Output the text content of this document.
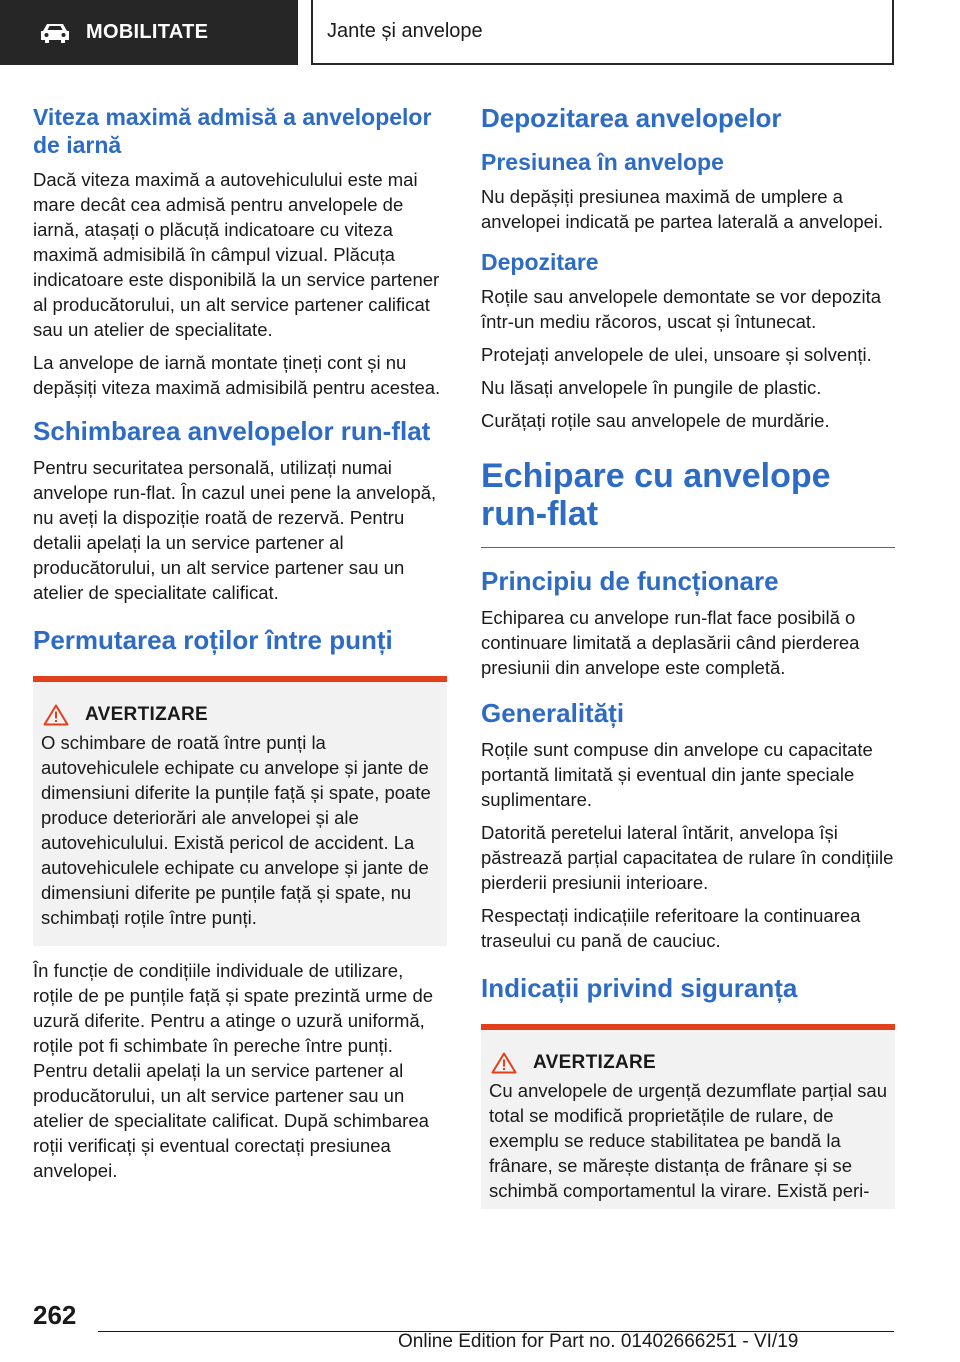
MOBILITATE	Jante și anvelope
Viteza maximă admisă a anvelopelor de iarnă

Dacă viteza maximă a autovehiculului este mai mare decât cea admisă pentru anvelopele de iarnă, atașați o plăcuță indicatoare cu viteza maximă admisibilă în câmpul vizual. Plăcuța indicatoare este disponibilă la un service partener al producătorului, un alt service partener calificat sau un atelier de specialitate.

La anvelope de iarnă montate țineți cont și nu depășiți viteza maximă admisibilă pentru acestea.

Schimbarea anvelopelor run-flat

Pentru securitatea personală, utilizați numai anvelope run-flat. În cazul unei pene la anvelopă, nu aveți la dispoziție roată de rezervă. Pentru detalii apelați la un service partener al producătorului, un alt service partener sau un atelier de specialitate calificat.

Permutarea roților între punți
AVERTIZARE

O schimbare de roată între punți la autovehiculele echipate cu anvelope și jante de dimensiuni diferite la punțile față și spate, poate produce deteriorări ale anvelopei și ale autovehiculului. Există pericol de accident. La autovehiculele echipate cu anvelope și jante de dimensiuni diferite pe punțile față și spate, nu schimbați roțile între punți.

În funcție de condițiile individuale de utilizare, roțile de pe punțile față și spate prezintă urme de uzură diferite. Pentru a atinge o uzură uniformă, roțile pot fi schimbate în pereche între punți. Pentru detalii apelați la un service partener al producătorului, un alt service partener sau un atelier de specialitate calificat. După schimbarea roții verificați și eventual corectați presiunea anvelopei.

Depozitarea anvelopelor
Presiunea în anvelope

Nu depășiți presiunea maximă de umplere a anvelopei indicată pe partea laterală a anvelopei.

Depozitare

Roțile sau anvelopele demontate se vor depozita într-un mediu răcoros, uscat și întunecat.

Protejați anvelopele de ulei, unsoare și solvenți.

Nu lăsați anvelopele în pungile de plastic.

Curățați roțile sau anvelopele de murdărie.

Echipare cu anvelope run-flat
Principiu de funcționare

Echiparea cu anvelope run-flat face posibilă o continuare limitată a deplasării când pierderea presiunii din anvelope este completă.

Generalități

Roțile sunt compuse din anvelope cu capacitate portantă limitată și eventual din jante speciale suplimentare.

Datorită peretelui lateral întărit, anvelopa își păstrează parțial capacitatea de rulare în condițiile pierderii presiunii interioare.

Respectați indicațiile referitoare la continuarea traseului cu pană de cauciuc.

Indicații privind siguranța
AVERTIZARE

Cu anvelopele de urgență dezumflate parțial sau total se modifică proprietățile de rulare, de exemplu se reduce stabilitatea pe bandă la frânare, se mărește distanța de frânare și se schimbă comportamentul la virare. Există peri-

262
Online Edition for Part no. 01402666251 - VI/19
